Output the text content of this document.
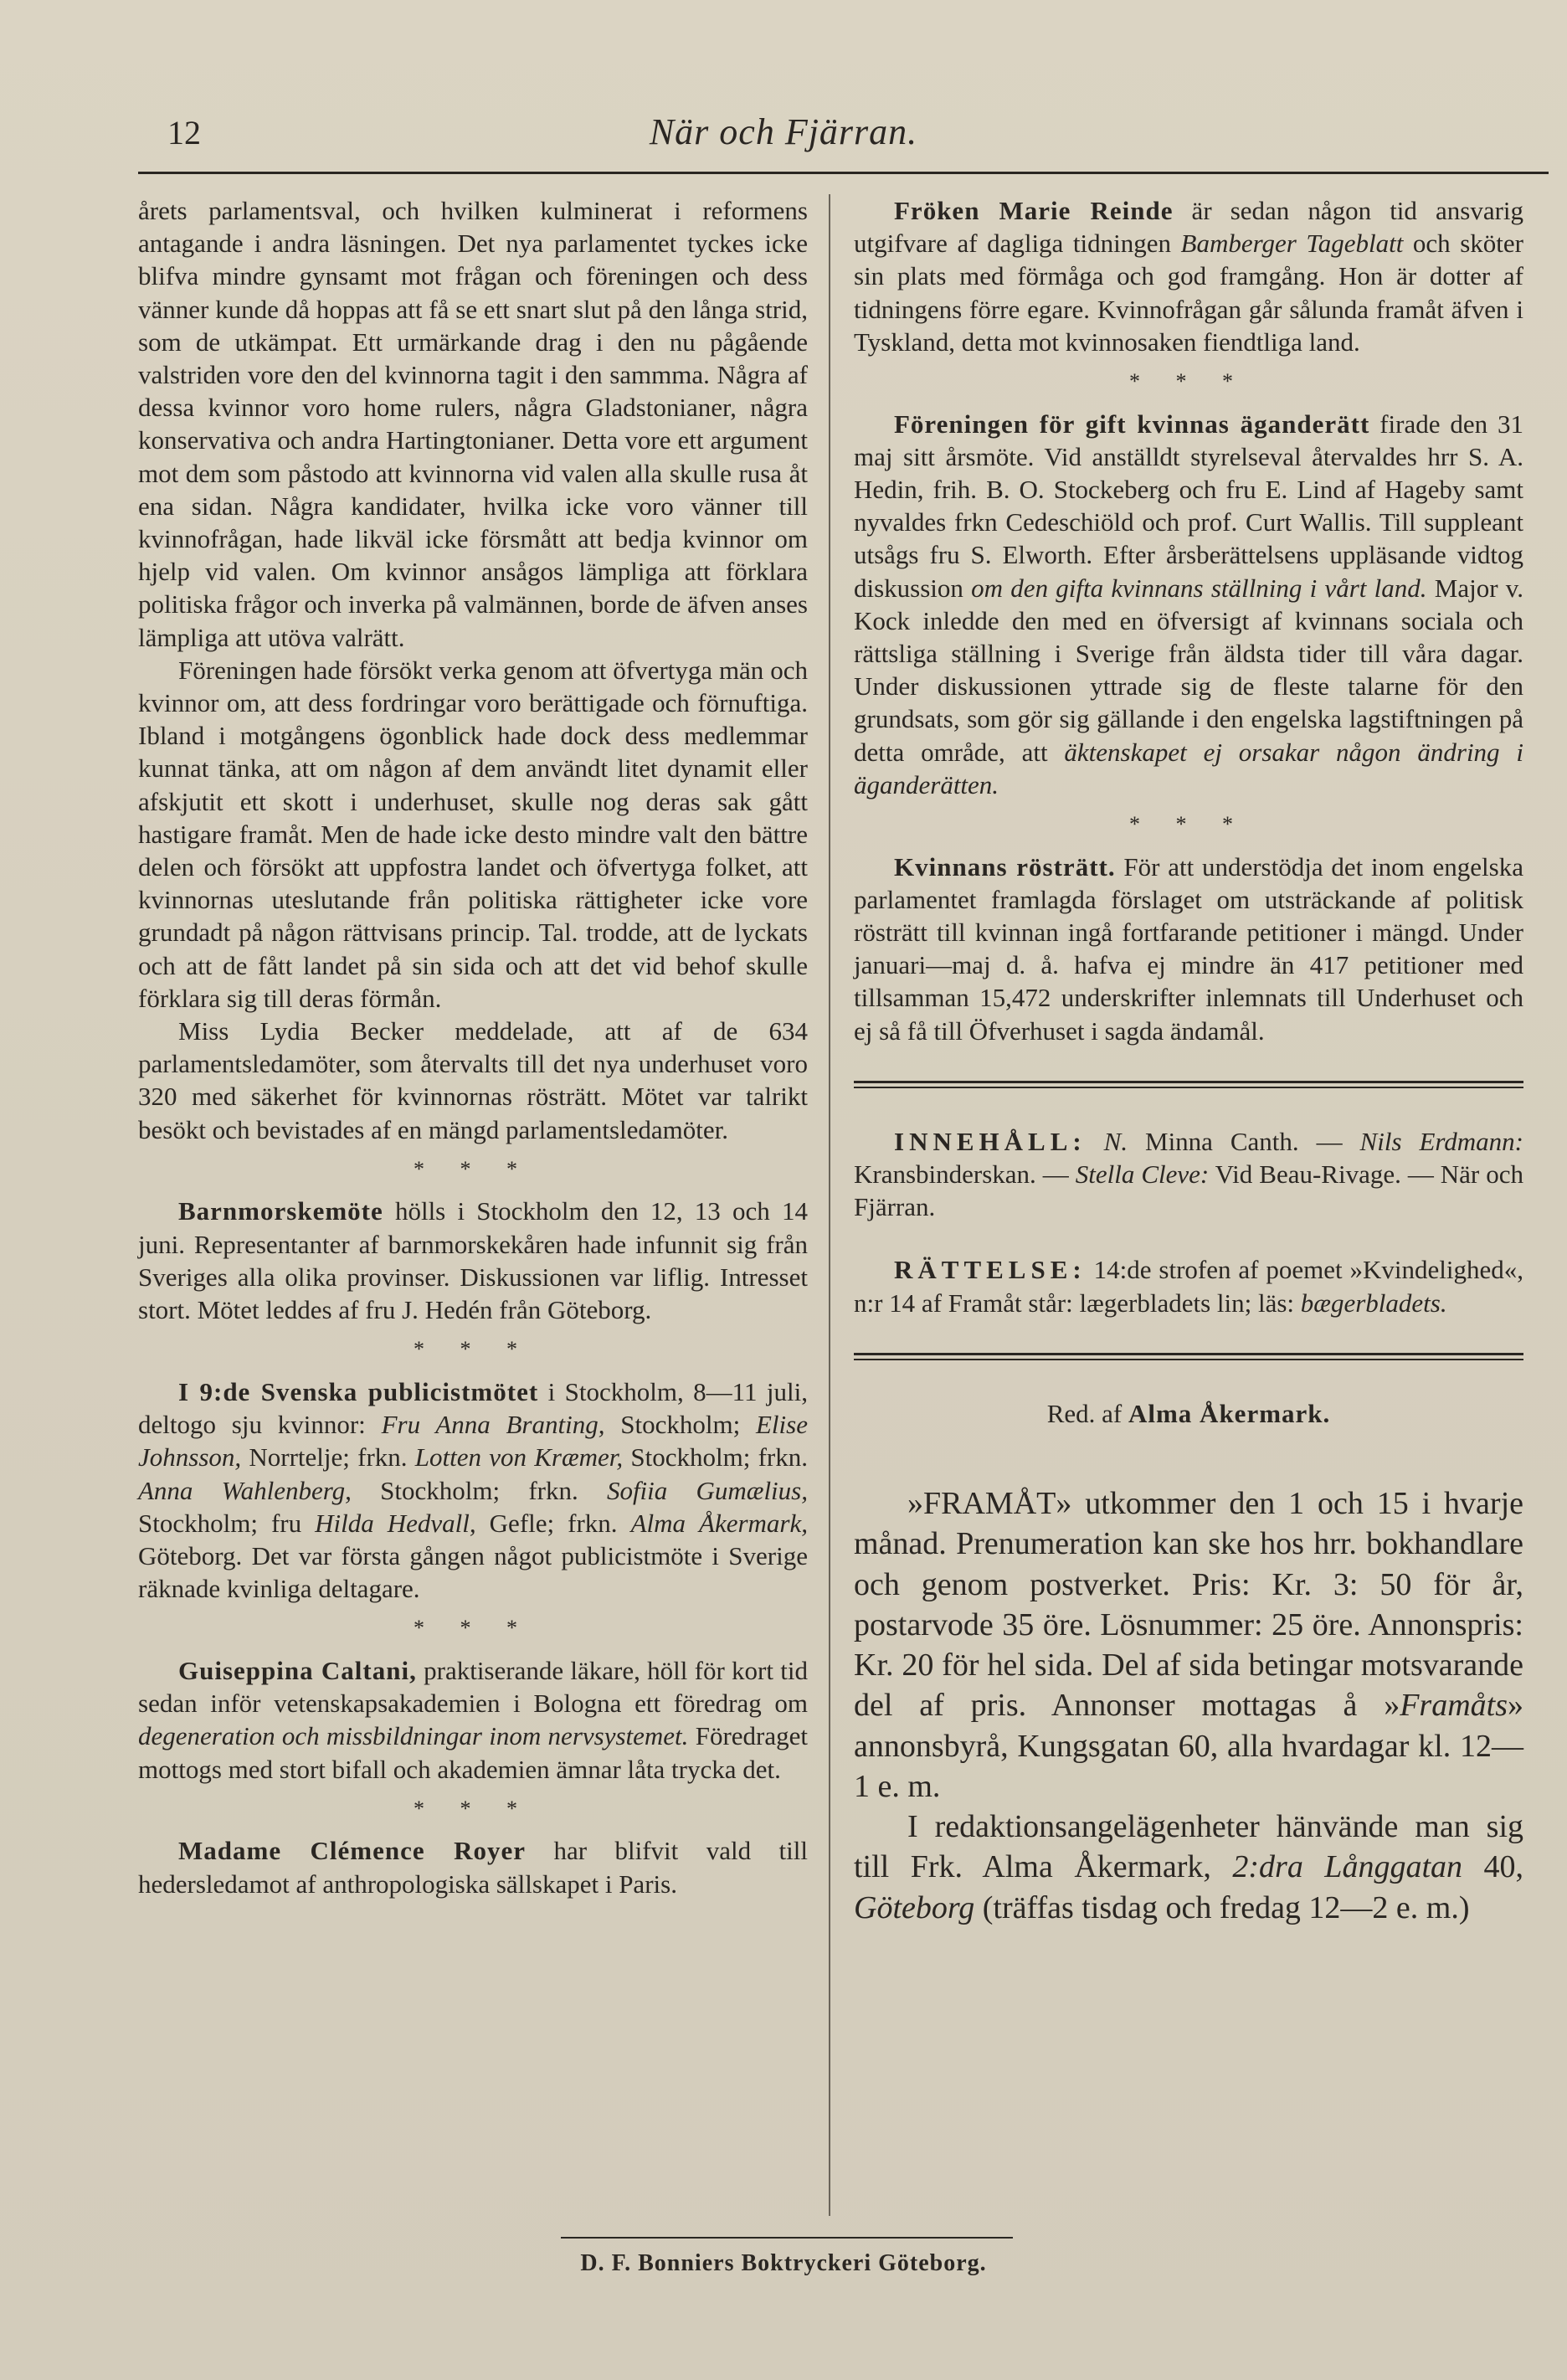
12	När och Fjärran.

årets parlamentsval, och hvilken kulminerat i reformens antagande i andra läsningen. Det nya parlamentet tyckes icke blifva mindre gynsamt mot frågan och föreningen och dess vänner kunde då hoppas att få se ett snart slut på den långa strid, som de utkämpat. Ett urmärkande drag i den nu pågående valstriden vore den del kvinnorna tagit i den sammma. Några af dessa kvinnor voro home rulers, några Gladstonianer, några konservativa och andra Hartingtonianer. Detta vore ett argument mot dem som påstodo att kvinnorna vid valen alla skulle rusa åt ena sidan. Några kandidater, hvilka icke voro vänner till kvinnofrågan, hade likväl icke försmått att bedja kvinnor om hjelp vid valen. Om kvinnor ansågos lämpliga att förklara politiska frågor och inverka på valmännen, borde de äfven anses lämpliga att utöva valrätt.

Föreningen hade försökt verka genom att öfvertyga män och kvinnor om, att dess fordringar voro berättigade och förnuftiga. Ibland i motgångens ögonblick hade dock dess medlemmar kunnat tänka, att om någon af dem användt litet dynamit eller afskjutit ett skott i underhuset, skulle nog deras sak gått hastigare framåt. Men de hade icke desto mindre valt den bättre delen och försökt att uppfostra landet och öfvertyga folket, att kvinnornas uteslutande från politiska rättigheter icke vore grundadt på någon rättvisans princip. Tal. trodde, att de lyckats och att de fått landet på sin sida och att det vid behof skulle förklara sig till deras förmån.

Miss Lydia Becker meddelade, att af de 634 parlamentsledamöter, som återvalts till det nya underhuset voro 320 med säkerhet för kvinnornas rösträtt. Mötet var talrikt besökt och bevistades af en mängd parlamentsledamöter.

* * *

Barnmorskemöte hölls i Stockholm den 12, 13 och 14 juni. Representanter af barnmorskekåren hade infunnit sig från Sveriges alla olika provinser. Diskussionen var liflig. Intresset stort. Mötet leddes af fru J. Hedén från Göteborg.

* * *

I 9:de Svenska publicistmötet i Stockholm, 8—11 juli, deltogo sju kvinnor: Fru Anna Branting, Stockholm; Elise Johnsson, Norrtelje; frkn. Lotten von Kræmer, Stockholm; frkn. Anna Wahlenberg, Stockholm; frkn. Sofiia Gumælius, Stockholm; fru Hilda Hedvall, Gefle; frkn. Alma Åkermark, Göteborg. Det var första gången något publicistmöte i Sverige räknade kvinliga deltagare.

* * *

Guiseppina Caltani, praktiserande läkare, höll för kort tid sedan inför vetenskapsakademien i Bologna ett föredrag om degeneration och missbildningar inom nervsystemet. Föredraget mottogs med stort bifall och akademien ämnar låta trycka det.

* * *

Madame Clémence Royer har blifvit vald till hedersledamot af anthropologiska sällskapet i Paris.

Fröken Marie Reinde är sedan någon tid ansvarig utgifvare af dagliga tidningen Bamberger Tageblatt och sköter sin plats med förmåga och god framgång. Hon är dotter af tidningens förre egare. Kvinnofrågan går sålunda framåt äfven i Tyskland, detta mot kvinnosaken fiendtliga land.

* * *

Föreningen för gift kvinnas äganderätt firade den 31 maj sitt årsmöte. Vid anställdt styrelseval återvaldes hrr S. A. Hedin, frih. B. O. Stockeberg och fru E. Lind af Hageby samt nyvaldes frkn Cedeschiöld och prof. Curt Wallis. Till suppleant utsågs fru S. Elworth. Efter årsberättelsens uppläsande vidtog diskussion om den gifta kvinnans ställning i vårt land. Major v. Kock inledde den med en öfversigt af kvinnans sociala och rättsliga ställning i Sverige från äldsta tider till våra dagar. Under diskussionen yttrade sig de fleste talarne för den grundsats, som gör sig gällande i den engelska lagstiftningen på detta område, att äktenskapet ej orsakar någon ändring i äganderätten.

* * *

Kvinnans rösträtt. För att understödja det inom engelska parlamentet framlagda förslaget om utsträckande af politisk rösträtt till kvinnan ingå fortfarande petitioner i mängd. Under januari—maj d. å. hafva ej mindre än 417 petitioner med tillsamman 15,472 underskrifter inlemnats till Underhuset och ej så få till Öfverhuset i sagda ändamål.

INNEHÅLL: N. Minna Canth. — Nils Erdmann: Kransbinderskan. — Stella Cleve: Vid Beau-Rivage. — När och Fjärran.

RÄTTELSE: 14:de strofen af poemet »Kvindelighed«, n:r 14 af Framåt står: lægerbladets lin; läs: bægerbladets.

Red. af Alma Åkermark.

»FRAMÅT» utkommer den 1 och 15 i hvarje månad. Prenumeration kan ske hos hrr. bokhandlare och genom postverket. Pris: Kr. 3: 50 för år, postarvode 35 öre. Lösnummer: 25 öre. Annonspris: Kr. 20 för hel sida. Del af sida betingar motsvarande del af pris. Annonser mottagas å »Framåts» annonsbyrå, Kungsgatan 60, alla hvardagar kl. 12—1 e. m.

I redaktionsangelägenheter hänvände man sig till Frk. Alma Åkermark, 2:dra Långgatan 40, Göteborg (träffas tisdag och fredag 12—2 e. m.)

D. F. Bonniers Boktryckeri Göteborg.
